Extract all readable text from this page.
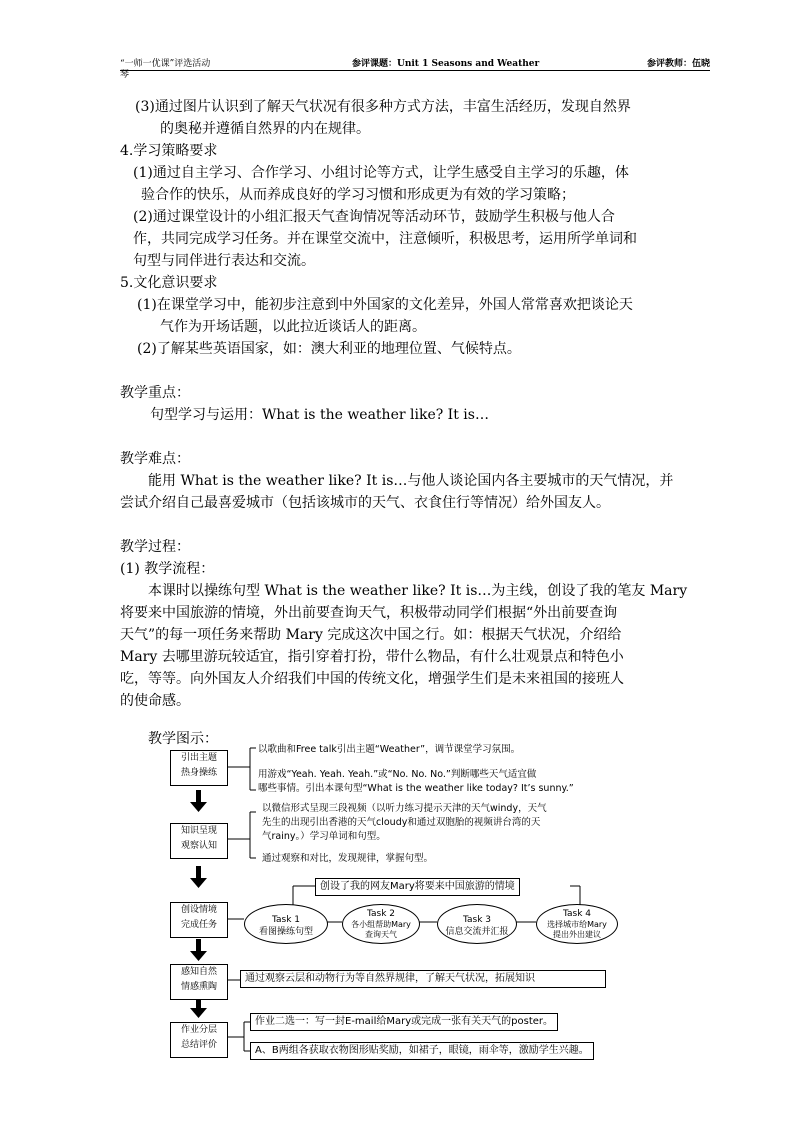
“一师一优课”评选活动	参评课题：Unit 1 Seasons and Weather	参评教师：伍晓
琴
(3)通过图片认识到了解天气状况有很多种方式方法，丰富生活经历，发现自然界
的奥秘并遵循自然界的内在规律。
4.学习策略要求
(1)通过自主学习、合作学习、小组讨论等方式，让学生感受自主学习的乐趣，体
验合作的快乐，从而养成良好的学习习惯和形成更为有效的学习策略；
(2)通过课堂设计的小组汇报天气查询情况等活动环节，鼓励学生积极与他人合
作，共同完成学习任务。并在课堂交流中，注意倾听，积极思考，运用所学单词和
句型与同伴进行表达和交流。
5.文化意识要求
(1)在课堂学习中，能初步注意到中外国家的文化差异，外国人常常喜欢把谈论天
气作为开场话题，以此拉近谈话人的距离。
(2)了解某些英语国家，如：澳大利亚的地理位置、气候特点。
教学重点：
句型学习与运用：What is the weather like? It is…
教学难点：
能用 What is the weather like? It is…与他人谈论国内各主要城市的天气情况，并
尝试介绍自己最喜爱城市（包括该城市的天气、衣食住行等情况）给外国友人。
教学过程：
(1) 教学流程：
本课时以操练句型 What is the weather like? It is…为主线，创设了我的笔友 Mary
将要来中国旅游的情境，外出前要查询天气，积极带动同学们根据“外出前要查询
天气”的每一项任务来帮助 Mary 完成这次中国之行。如：根据天气状况，介绍给
Mary 去哪里游玩较适宜，指引穿着打扮，带什么物品，有什么壮观景点和特色小
吃，等等。向外国友人介绍我们中国的传统文化，增强学生们是未来祖国的接班人
的使命感。
教学图示：
引出主题
热身操练
以歌曲和Free talk引出主题“Weather”，调节课堂学习氛围。
用游戏“Yeah. Yeah. Yeah.”或“No. No. No.”判断哪些天气适宜做
哪些事情。引出本课句型“What is the weather like today? It’s sunny.”
知识呈现
观察认知
以微信形式呈现三段视频（以听力练习提示天津的天气windy，天气
先生的出现引出香港的天气cloudy和通过双胞胎的视频讲台湾的天
气rainy。）学习单词和句型。
通过观察和对比，发现规律，掌握句型。
创设了我的网友Mary将要来中国旅游的情境
创设情境
完成任务	Task 1
看图操练句型
Task 2
各小组帮助Mary查询天气
Task 3
信息交流并汇报
Task 4
选择城市给Mary提出外出建议
感知自然
情感熏陶
通过观察云层和动物行为等自然界规律，了解天气状况，拓展知识
作业分层
总结评价
作业二选一：写一封E-mail给Mary或完成一张有关天气的poster。
A、B两组各获取衣物图形贴奖励，如裙子，眼镜，雨伞等，激励学生兴趣。
